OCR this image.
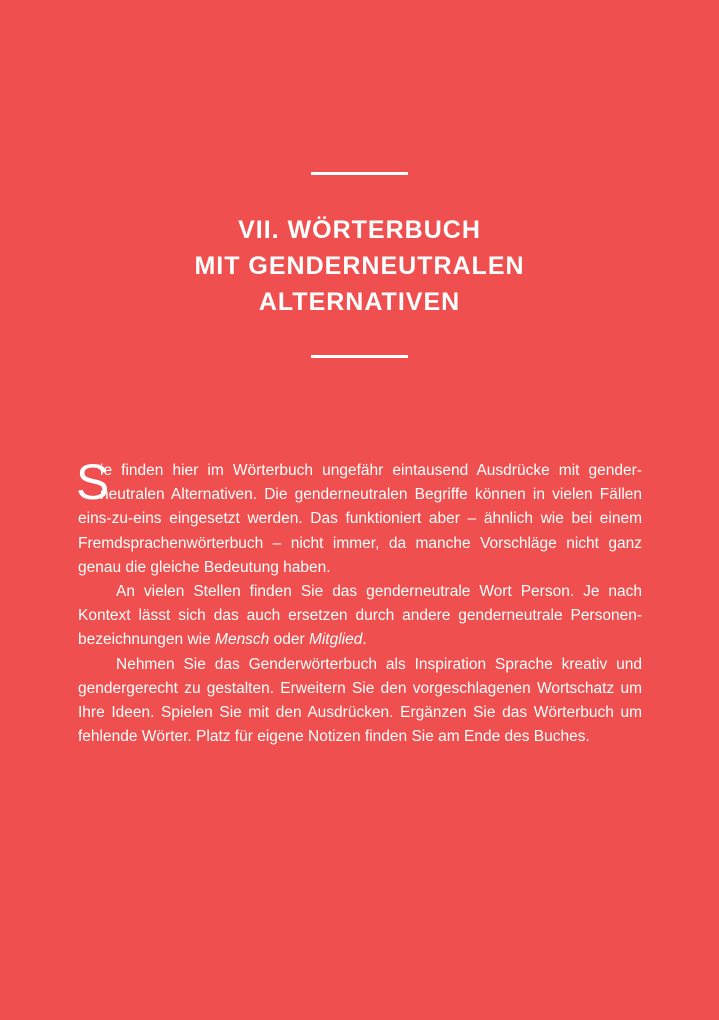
VII. WÖRTERBUCH
MIT GENDERNEUTRALEN
ALTERNATIVEN
S
ie finden hier im Wörterbuch ungefähr eintausend Ausdrücke mit gender-
neutralen Alternativen. Die genderneutralen Begriffe können in vielen Fällen
eins-zu-eins eingesetzt werden. Das funktioniert aber – ähnlich wie bei einem
Fremdsprachenwörterbuch – nicht immer, da manche Vorschläge nicht ganz
genau die gleiche Bedeutung haben.
An vielen Stellen finden Sie das genderneutrale Wort Person. Je nach
Kontext lässt sich das auch ersetzen durch andere genderneutrale Personen-
bezeichnungen wie Mensch oder Mitglied.
Nehmen Sie das Genderwörterbuch als Inspiration Sprache kreativ und
gendergerecht zu gestalten. Erweitern Sie den vorgeschlagenen Wortschatz um
Ihre Ideen. Spielen Sie mit den Ausdrücken. Ergänzen Sie das Wörterbuch um
fehlende Wörter. Platz für eigene Notizen finden Sie am Ende des Buches.
